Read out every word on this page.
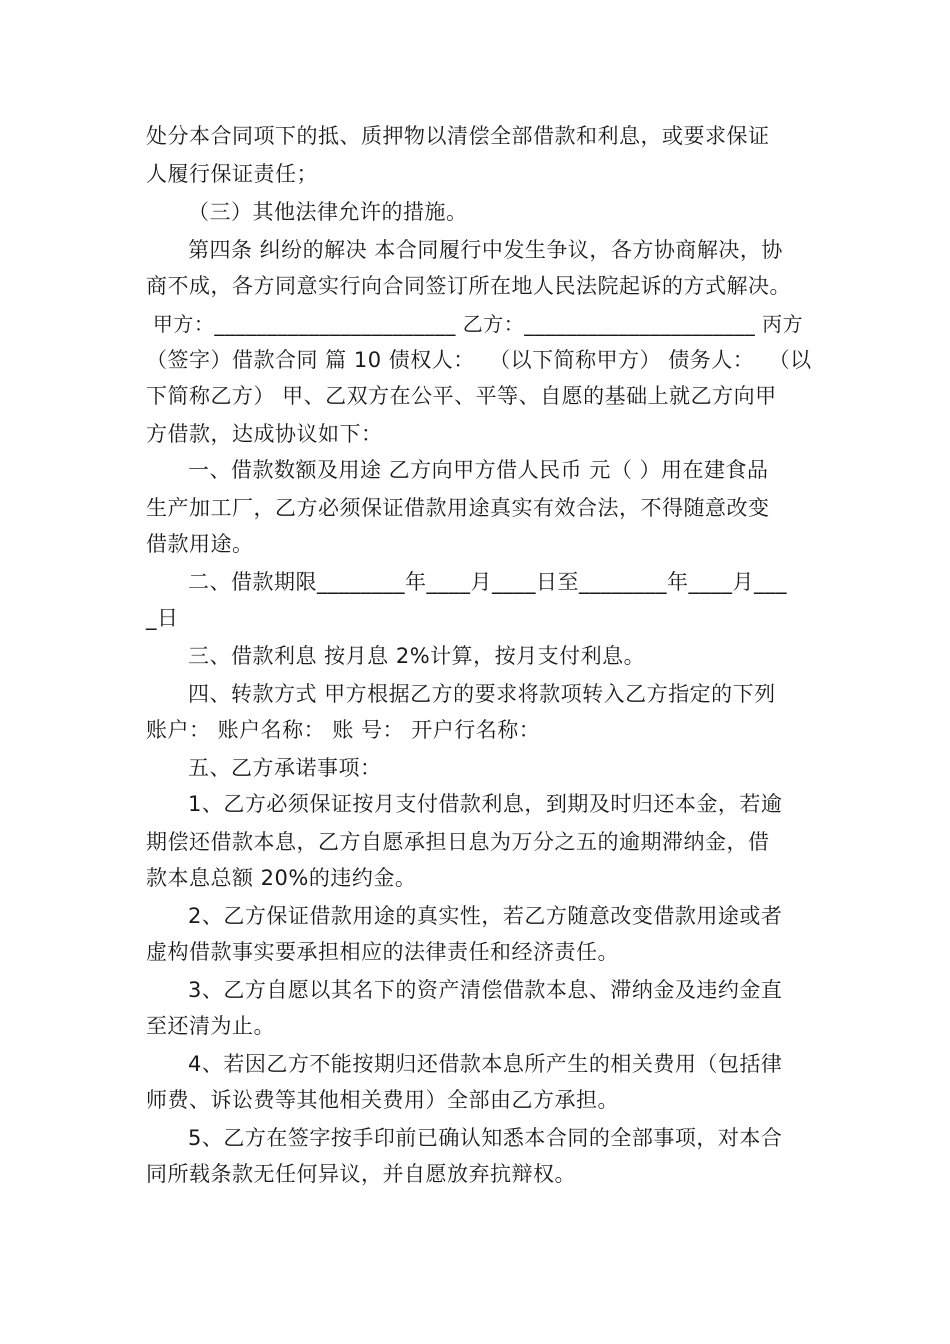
处分本合同项下的抵、质押物以清偿全部借款和利息，或要求保证
人履行保证责任；
（三）其他法律允许的措施。
第四条 纠纷的解决 本合同履行中发生争议，各方协商解决，协
商不成，各方同意实行向合同签订所在地人民法院起诉的方式解决。
甲方：_______________________ 乙方：______________________ 丙方
（签字）借款合同 篇 10 债权人：  （以下简称甲方） 债务人：  （以
下简称乙方） 甲、乙双方在公平、平等、自愿的基础上就乙方向甲
方借款，达成协议如下：
一、借款数额及用途 乙方向甲方借人民币 元（ ）用在建食品
生产加工厂，乙方必须保证借款用途真实有效合法，不得随意改变
借款用途。
二、借款期限________年____月____日至________年____月___
_日
三、借款利息 按月息 2%计算，按月支付利息。
四、转款方式 甲方根据乙方的要求将款项转入乙方指定的下列
账户： 账户名称： 账 号： 开户行名称：
五、乙方承诺事项：
1、乙方必须保证按月支付借款利息，到期及时归还本金，若逾
期偿还借款本息，乙方自愿承担日息为万分之五的逾期滞纳金，借
款本息总额 20%的违约金。
2、乙方保证借款用途的真实性，若乙方随意改变借款用途或者
虚构借款事实要承担相应的法律责任和经济责任。
3、乙方自愿以其名下的资产清偿借款本息、滞纳金及违约金直
至还清为止。
4、若因乙方不能按期归还借款本息所产生的相关费用（包括律
师费、诉讼费等其他相关费用）全部由乙方承担。
5、乙方在签字按手印前已确认知悉本合同的全部事项，对本合
同所载条款无任何异议，并自愿放弃抗辩权。
